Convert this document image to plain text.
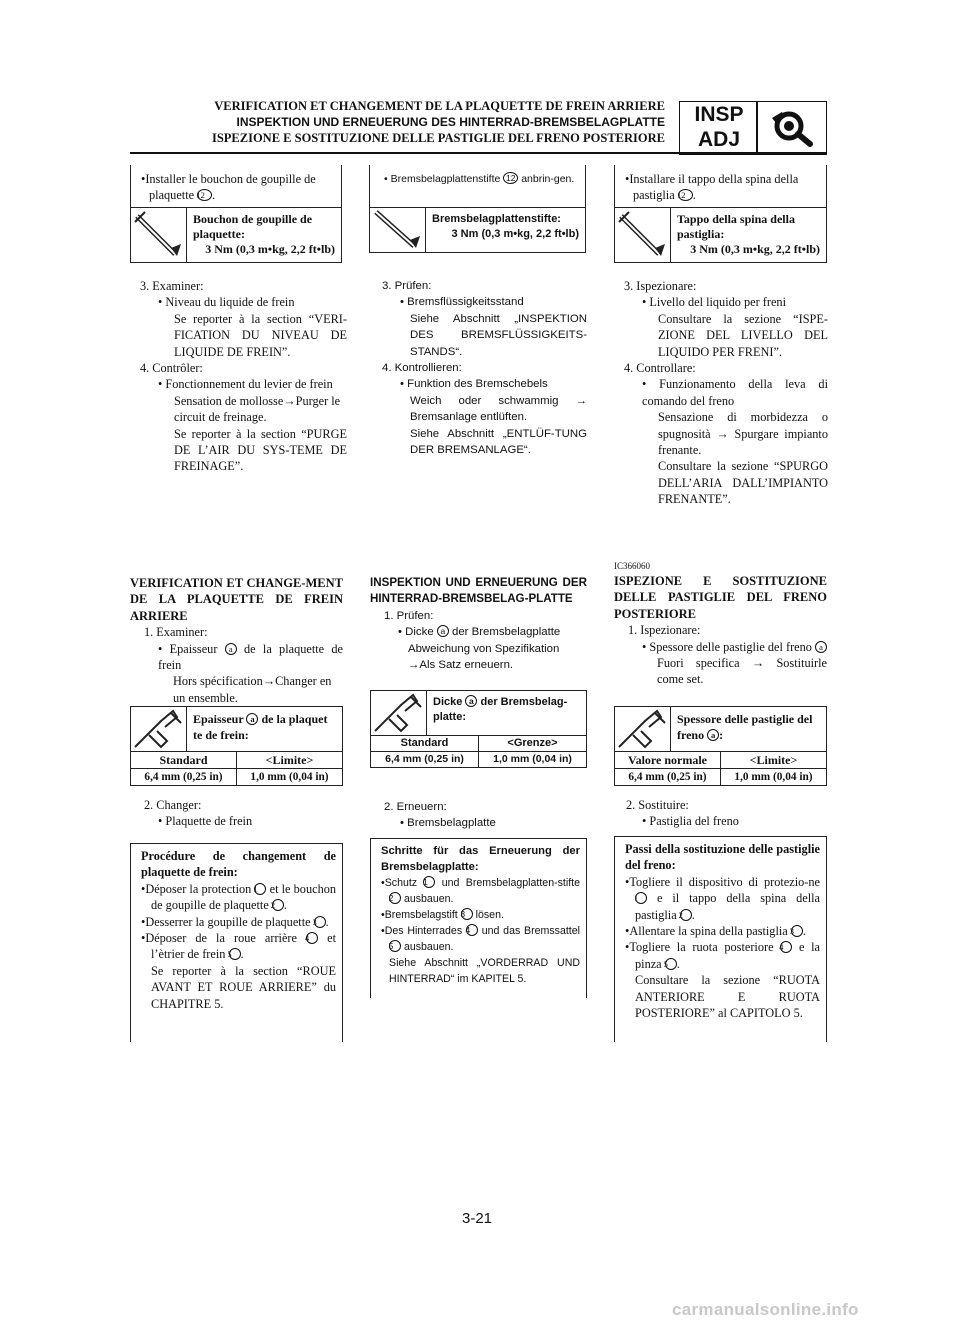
VERIFICATION ET CHANGEMENT DE LA PLAQUETTE DE FREIN ARRIERE
INSPEKTION UND ERNEUERUNG DES HINTERRAD-BREMSBELAGPLATTE
ISPEZIONE E SOSTITUZIONE DELLE PASTIGLIE DEL FRENO POSTERIORE
INSP
ADJ
•Installer le bouchon de goupille de plaquette 12 .
Bouchon de goupille de plaquette:
3 Nm (0,3 m•kg, 2,2 ft•lb)
3. Examiner:
• Niveau du liquide de frein
Se reporter à la section “VERI-FICATION DU NIVEAU DE LIQUIDE DE FREIN”.
4. Contrôler:
• Fonctionnement du levier de frein
Sensation de mollosse→Purger le circuit de freinage.
Se reporter à la section “PURGE DE L’AIR DU SYS-TEME DE FREINAGE”.
• Bremsbelagplattenstifte 12 anbrin-gen.
Bremsbelagplattenstifte:
3 Nm (0,3 m•kg, 2,2 ft•lb)
3. Prüfen:
• Bremsflüssigkeitsstand
Siehe Abschnitt „INSPEKTION DES BREMSFLÜSSIGKEITS-STANDS“.
4. Kontrollieren:
• Funktion des Bremschebels
Weich oder schwammig → Bremsanlage entlüften.
Siehe Abschnitt „ENTLÜF-TUNG DER BREMSANLAGE“.
•Installare il tappo della spina della pastiglia 12 .
Tappo della spina della pastiglia:
3 Nm (0,3 m•kg, 2,2 ft•lb)
3. Ispezionare:
• Livello del liquido per freni
Consultare la sezione “ISPE-ZIONE DEL LIVELLO DEL LIQUIDO PER FRENI”.
4. Controllare:
• Funzionamento della leva di comando del freno
Sensazione di morbidezza o spugnosità → Spurgare impianto frenante.
Consultare la sezione “SPURGO DELL’ARIA DALL’IMPIANTO FRENANTE”.
IC366060
VERIFICATION ET CHANGE-MENT DE LA PLAQUETTE DE FREIN ARRIERE
1. Examiner:
• Epaisseur a de la plaquette de frein
Hors spécification→Changer en un ensemble.
Epaisseur a de la plaquet te de frein:
Standard	<Limite>
6,4 mm (0,25 in)	1,0 mm (0,04 in)
2. Changer:
• Plaquette de frein
Procédure de changement de plaquette de frein:
•Déposer la protection 1 et le bouchon de goupille de plaquette 2 .
•Desserrer la goupille de plaquette 3 .
•Déposer de la roue arrière 4 et l’ètrier de frein 5 .
Se reporter à la section “ROUE AVANT ET ROUE ARRIERE” du CHAPITRE 5.
INSPEKTION UND ERNEUERUNG DER HINTERRAD-BREMSBELAG-PLATTE
1. Prüfen:
• Dicke a der Bremsbelagplatte
Abweichung von Spezifikation
→Als Satz erneuern.
Dicke a der Bremsbelag-platte:
Standard	<Grenze>
6,4 mm (0,25 in)	1,0 mm (0,04 in)
2. Erneuern:
• Bremsbelagplatte
Schritte für das Erneuerung der Bremsbelagplatte:
•Schutz 1 und Bremsbelagplatten-stifte 2 ausbauen.
•Bremsbelagstift 3 lösen.
•Des Hinterrades 4 und das Bremssattel 5 ausbauen.
Siehe Abschnitt „VORDERRAD UND HINTERRAD“ im KAPITEL 5.
ISPEZIONE E SOSTITUZIONE DELLE PASTIGLIE DEL FRENO POSTERIORE
1. Ispezionare:
• Spessore delle pastiglie del freno a
Fuori specifica → Sostituirle come set.
Spessore delle pastiglie del freno a :
Valore normale	<Limite>
6,4 mm (0,25 in)	1,0 mm (0,04 in)
2. Sostituire:
• Pastiglia del freno
Passi della sostituzione delle pastiglie del freno:
•Togliere il dispositivo di protezio-ne 1 e il tappo della spina della pastiglia 2 .
•Allentare la spina della pastiglia 3 .
•Togliere la ruota posteriore 4 e la pinza 5 .
Consultare la sezione “RUOTA ANTERIORE E RUOTA POSTERIORE” al CAPITOLO 5.
3-21
carmanualsonline.info
